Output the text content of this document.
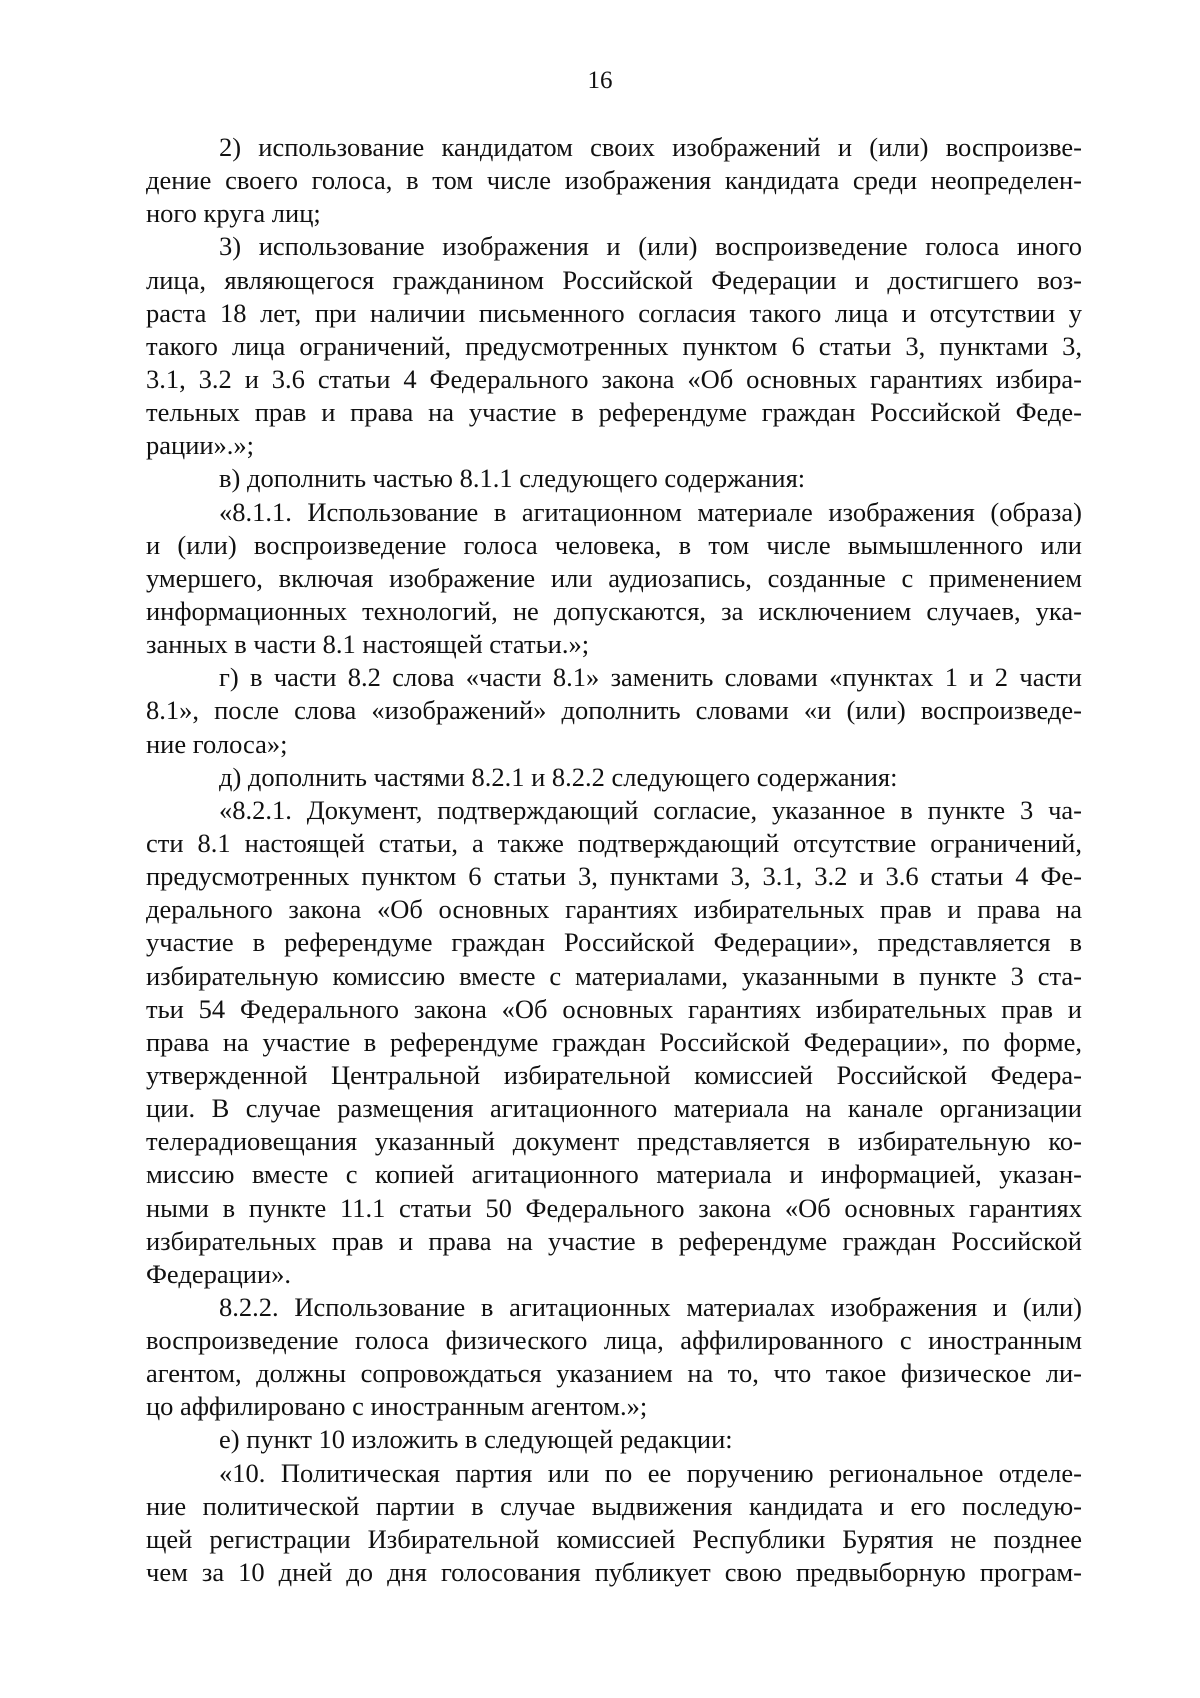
16
2) использование кандидатом своих изображений и (или) воспроизве-
дение своего голоса, в том числе изображения кандидата среди неопределен-
ного круга лиц;
3) использование изображения и (или) воспроизведение голоса иного
лица, являющегося гражданином Российской Федерации и достигшего воз-
раста 18 лет, при наличии письменного согласия такого лица и отсутствии у
такого лица ограничений, предусмотренных пунктом 6 статьи 3, пунктами 3,
3.1, 3.2 и 3.6 статьи 4 Федерального закона «Об основных гарантиях избира-
тельных прав и права на участие в референдуме граждан Российской Феде-
рации».»;
в) дополнить частью 8.1.1 следующего содержания:
«8.1.1. Использование в агитационном материале изображения (образа)
и (или) воспроизведение голоса человека, в том числе вымышленного или
умершего, включая изображение или аудиозапись, созданные с применением
информационных технологий, не допускаются, за исключением случаев, ука-
занных в части 8.1 настоящей статьи.»;
г) в части 8.2 слова «части 8.1» заменить словами «пунктах 1 и 2 части
8.1», после слова «изображений» дополнить словами «и (или) воспроизведе-
ние голоса»;
д) дополнить частями 8.2.1 и 8.2.2 следующего содержания:
«8.2.1. Документ, подтверждающий согласие, указанное в пункте 3 ча-
сти 8.1 настоящей статьи, а также подтверждающий отсутствие ограничений,
предусмотренных пунктом 6 статьи 3, пунктами 3, 3.1, 3.2 и 3.6 статьи 4 Фе-
дерального закона «Об основных гарантиях избирательных прав и права на
участие в референдуме граждан Российской Федерации», представляется в
избирательную комиссию вместе с материалами, указанными в пункте 3 ста-
тьи 54 Федерального закона «Об основных гарантиях избирательных прав и
права на участие в референдуме граждан Российской Федерации», по форме,
утвержденной Центральной избирательной комиссией Российской Федера-
ции. В случае размещения агитационного материала на канале организации
телерадиовещания указанный документ представляется в избирательную ко-
миссию вместе с копией агитационного материала и информацией, указан-
ными в пункте 11.1 статьи 50 Федерального закона «Об основных гарантиях
избирательных прав и права на участие в референдуме граждан Российской
Федерации».
8.2.2. Использование в агитационных материалах изображения и (или)
воспроизведение голоса физического лица, аффилированного с иностранным
агентом, должны сопровождаться указанием на то, что такое физическое ли-
цо аффилировано с иностранным агентом.»;
е) пункт 10 изложить в следующей редакции:
«10. Политическая партия или по ее поручению региональное отделе-
ние политической партии в случае выдвижения кандидата и его последую-
щей регистрации Избирательной комиссией Республики Бурятия не позднее
чем за 10 дней до дня голосования публикует свою предвыборную програм-
